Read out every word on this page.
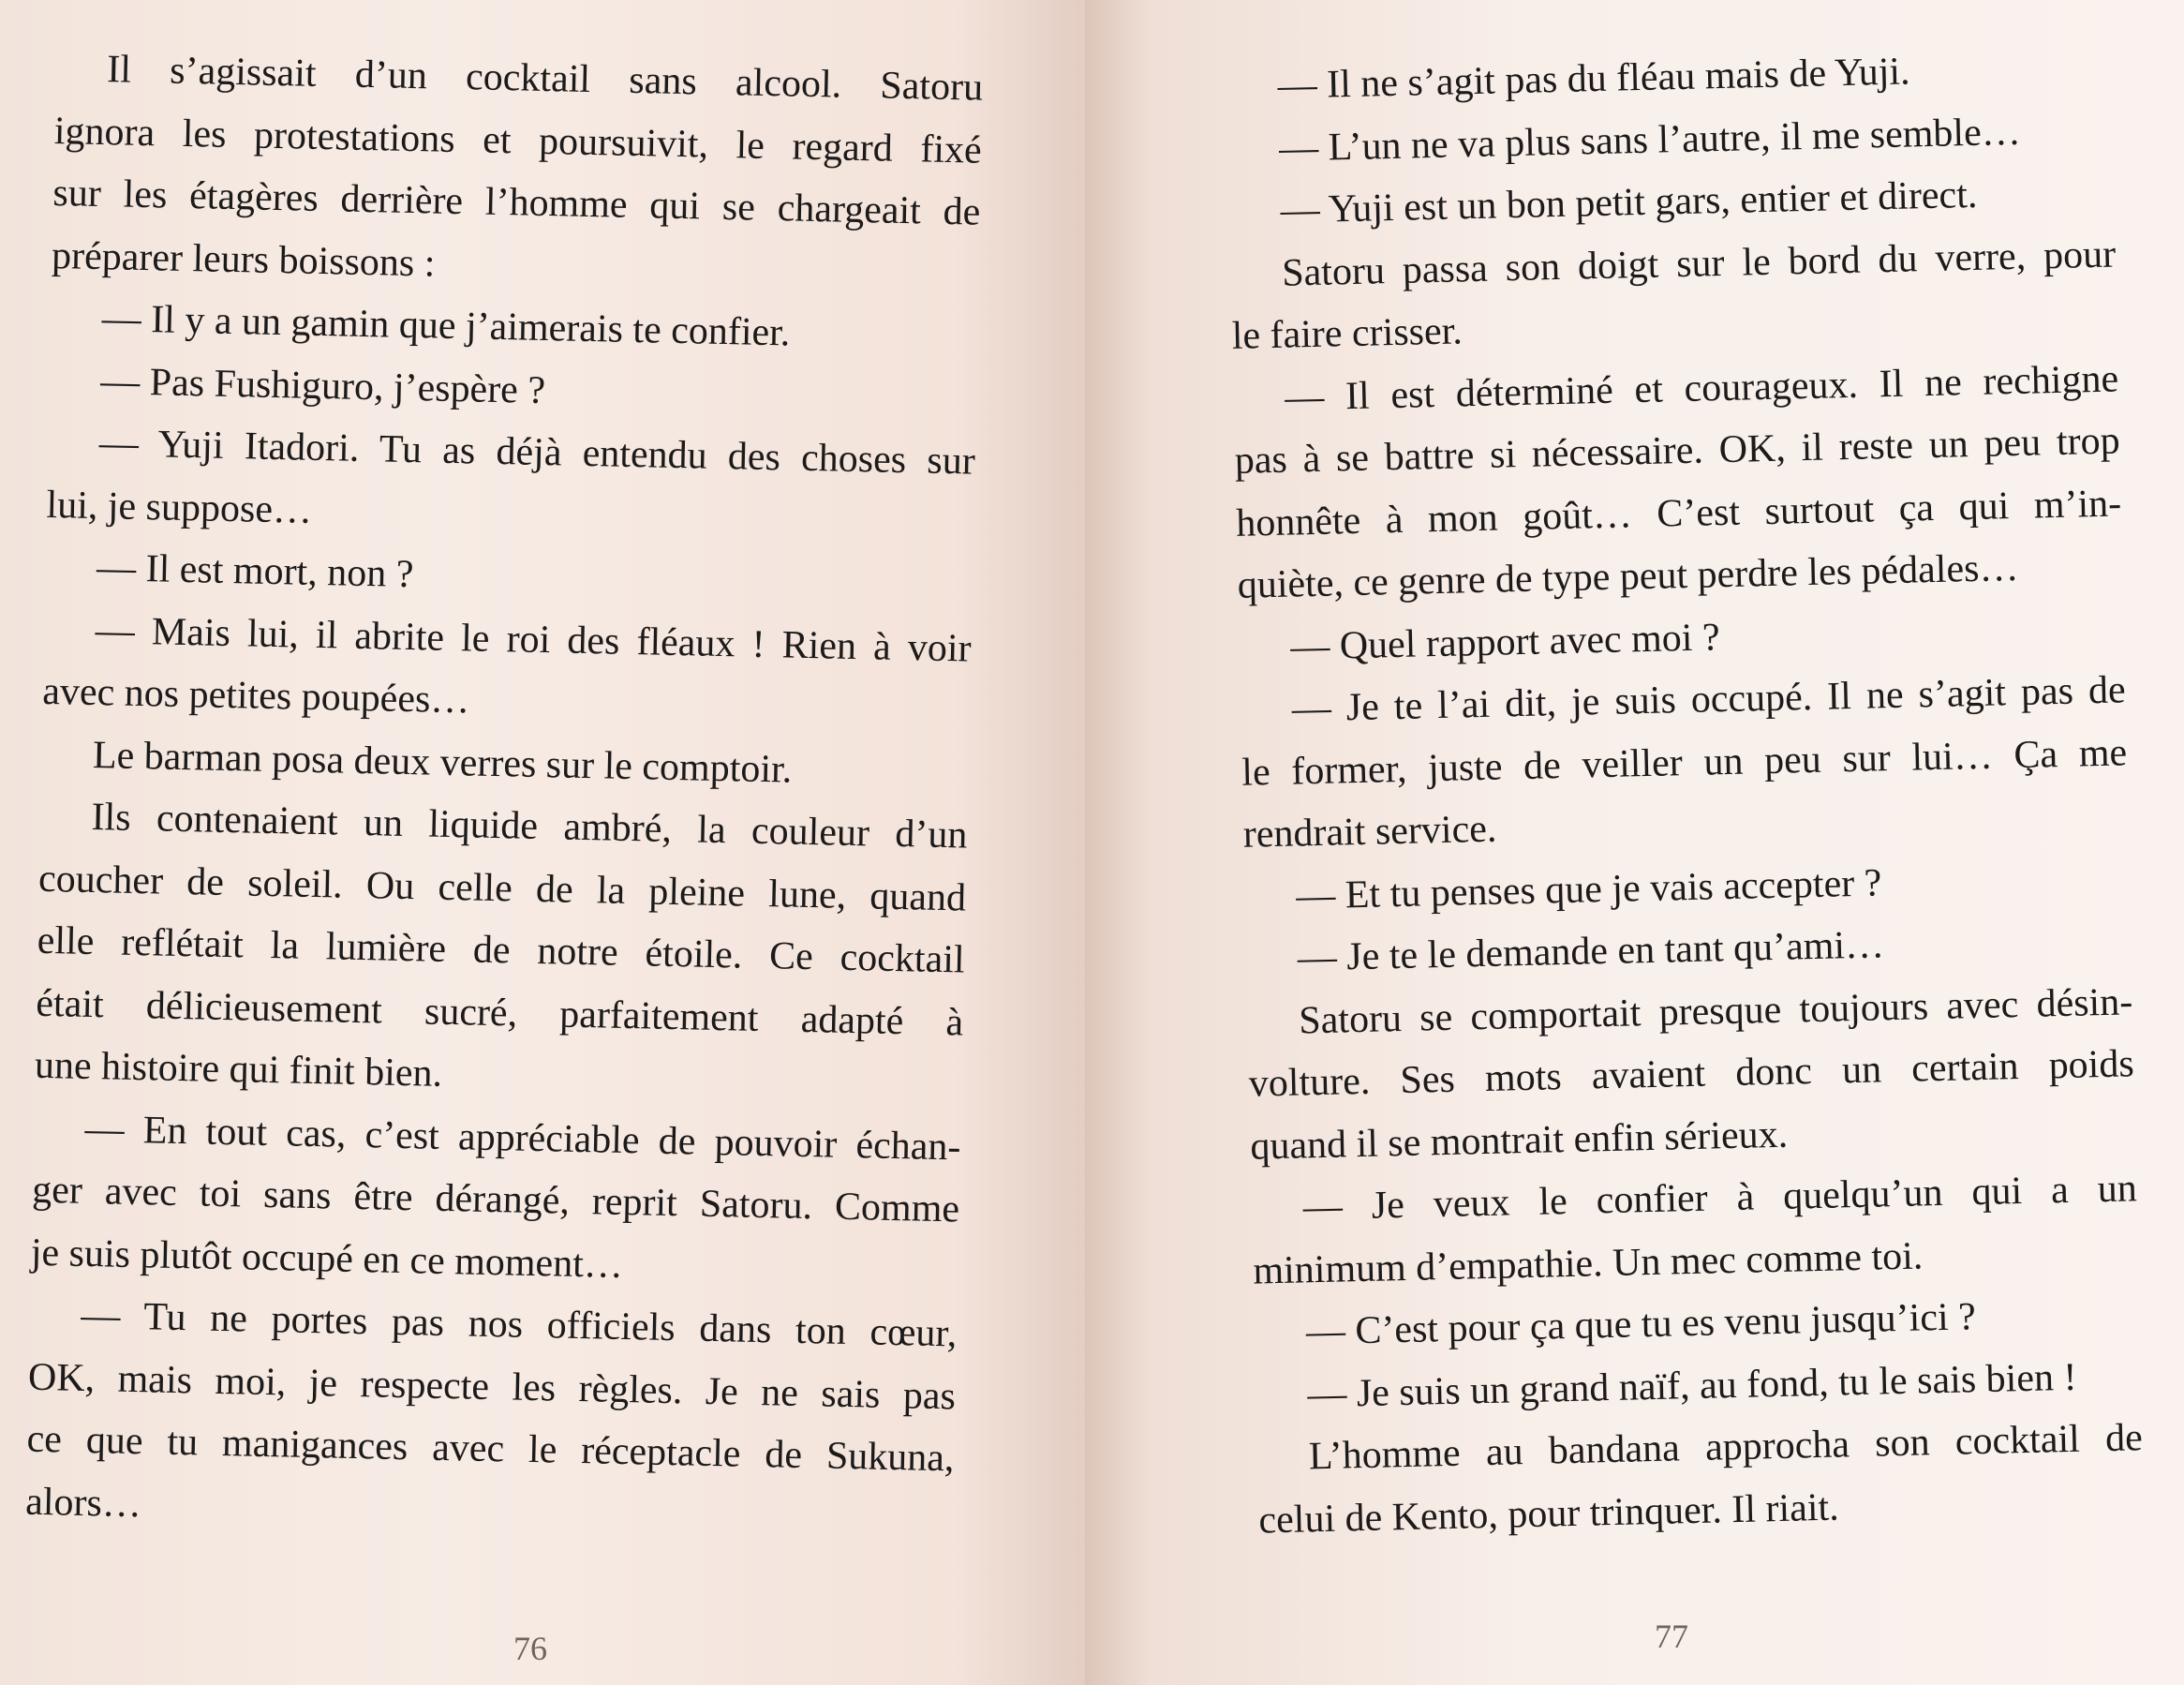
Il s’agissait d’un cocktail sans alcool. Satoru
ignora les protestations et poursuivit, le regard fixé
sur les étagères derrière l’homme qui se chargeait de
préparer leurs boissons :
— Il y a un gamin que j’aimerais te confier.
— Pas Fushiguro, j’espère ?
— Yuji Itadori. Tu as déjà entendu des choses sur
lui, je suppose…
— Il est mort, non ?
— Mais lui, il abrite le roi des fléaux ! Rien à voir
avec nos petites poupées…
Le barman posa deux verres sur le comptoir.
Ils contenaient un liquide ambré, la couleur d’un
coucher de soleil. Ou celle de la pleine lune, quand
elle reflétait la lumière de notre étoile. Ce cocktail
était délicieusement sucré, parfaitement adapté à
une histoire qui finit bien.
— En tout cas, c’est appréciable de pouvoir échan-
ger avec toi sans être dérangé, reprit Satoru. Comme
je suis plutôt occupé en ce moment…
— Tu ne portes pas nos officiels dans ton cœur,
OK, mais moi, je respecte les règles. Je ne sais pas
ce que tu manigances avec le réceptacle de Sukuna,
alors…
76
— Il ne s’agit pas du fléau mais de Yuji.
— L’un ne va plus sans l’autre, il me semble…
— Yuji est un bon petit gars, entier et direct.
Satoru passa son doigt sur le bord du verre, pour
le faire crisser.
— Il est déterminé et courageux. Il ne rechigne
pas à se battre si nécessaire. OK, il reste un peu trop
honnête à mon goût… C’est surtout ça qui m’in-
quiète, ce genre de type peut perdre les pédales…
— Quel rapport avec moi ?
— Je te l’ai dit, je suis occupé. Il ne s’agit pas de
le former, juste de veiller un peu sur lui… Ça me
rendrait service.
— Et tu penses que je vais accepter ?
— Je te le demande en tant qu’ami…
Satoru se comportait presque toujours avec désin-
volture. Ses mots avaient donc un certain poids
quand il se montrait enfin sérieux.
— Je veux le confier à quelqu’un qui a un
minimum d’empathie. Un mec comme toi.
— C’est pour ça que tu es venu jusqu’ici ?
— Je suis un grand naïf, au fond, tu le sais bien !
L’homme au bandana approcha son cocktail de
celui de Kento, pour trinquer. Il riait.
77
